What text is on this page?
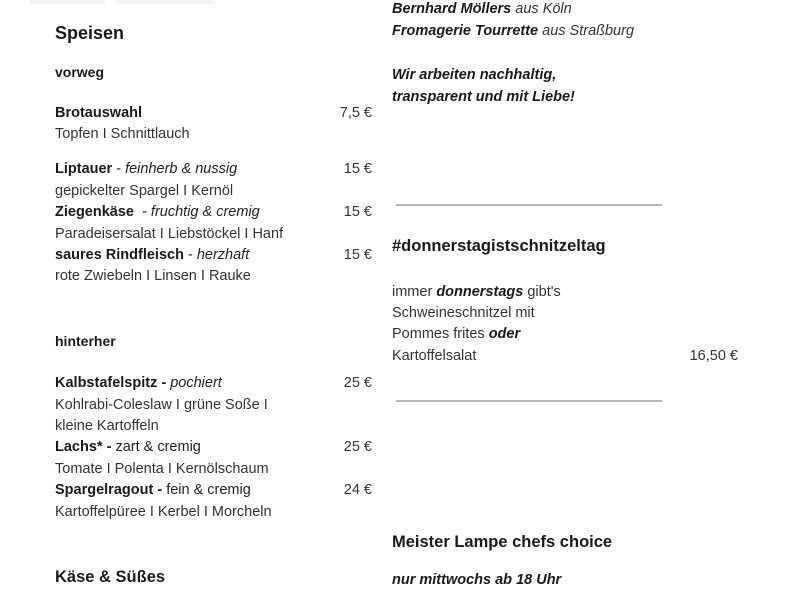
Speisen
vorweg
Brotauswahl	7,5 €
Topfen I Schnittlauch
Liptauer - feinherb & nussig	15 €
gepickelter Spargel I Kernöl
Ziegenkäse  - fruchtig & cremig	15 €
Paradeisersalat I Liebstöckel I Hanf
saures Rindfleisch - herzhaft	15 €
rote Zwiebeln I Linsen I Rauke
hinterher
Kalbstafelspitz - pochiert	25 €
Kohlrabi-Coleslaw I grüne Soße I
kleine Kartoffeln
Lachs* - zart & cremig	25 €
Tomate I Polenta I Kernölschaum
Spargelragout - fein & cremig	24 €
Kartoffelpüree I Kerbel I Morcheln
Käse & Süßes
Bernhard Möllers aus Köln
Fromagerie Tourrette aus Straßburg
Wir arbeiten nachhaltig,
transparent und mit Liebe!
#donnerstagistschnitzeltag
immer donnerstags gibt's
Schweineschnitzel mit
Pommes frites oder
Kartoffelsalat	16,50 €
Meister Lampe chefs choice
nur mittwochs ab 18 Uhr
